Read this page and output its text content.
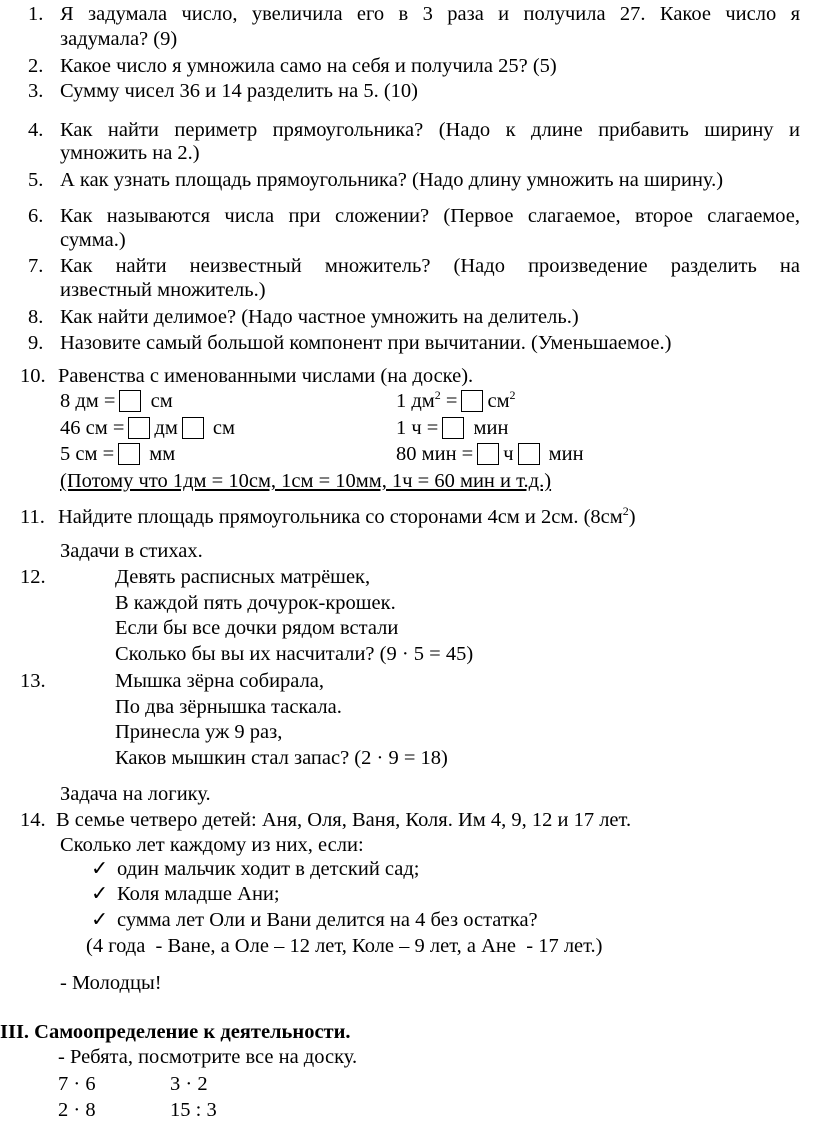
1. Я задумала число, увеличила его в 3 раза и получила 27. Какое число я
задумала? (9)
2. Какое число я умножила само на себя и получила 25? (5)
3. Сумму чисел 36 и 14 разделить на 5. (10)
4. Как найти периметр прямоугольника? (Надо к длине прибавить ширину и
умножить на 2.)
5. А как узнать площадь прямоугольника? (Надо длину умножить на ширину.)
6. Как называются числа при сложении? (Первое слагаемое, второе слагаемое,
сумма.)
7. Как найти неизвестный множитель? (Надо произведение разделить на
известный множитель.)
8. Как найти делимое? (Надо частное умножить на делитель.)
9. Назовите самый большой компонент при вычитании. (Уменьшаемое.)
10. Равенства с именованными числами (на доске).
8 дм = см	1 $дм^2 = см^2$
46 см = дм см	1 ч = мин
5 см = мм	80 мин = ч мин
(Потому что 1дм = 10см, 1см = 10мм, 1ч = 60 мин и т.д.)
11. Найдите площадь прямоугольника со сторонами 4см и 2см. $(8см^2)$
Задачи в стихах.
12.	Девять расписных матрёшек,
В каждой пять дочурок-крошек.
Если бы все дочки рядом встали
Сколько бы вы их насчитали? (9 · 5 = 45)
13.	Мышка зёрна собирала,
По два зёрнышка таскала.
Принесла уж 9 раз,
Каков мышкин стал запас? (2 · 9 = 18)
Задача на логику.
14. В семье четверо детей: Аня, Оля, Ваня, Коля. Им 4, 9, 12 и 17 лет.
Сколько лет каждому из них, если:
✓ один мальчик ходит в детский сад;
✓ Коля младше Ани;
✓ сумма лет Оли и Вани делится на 4 без остатка?
(4 года  - Ване, а Оле – 12 лет, Коле – 9 лет, а Ане  - 17 лет.)
- Молодцы!
III. Самоопределение к деятельности.
- Ребята, посмотрите все на доску.
7 · 6	3 · 2
2 · 8	15 : 3
